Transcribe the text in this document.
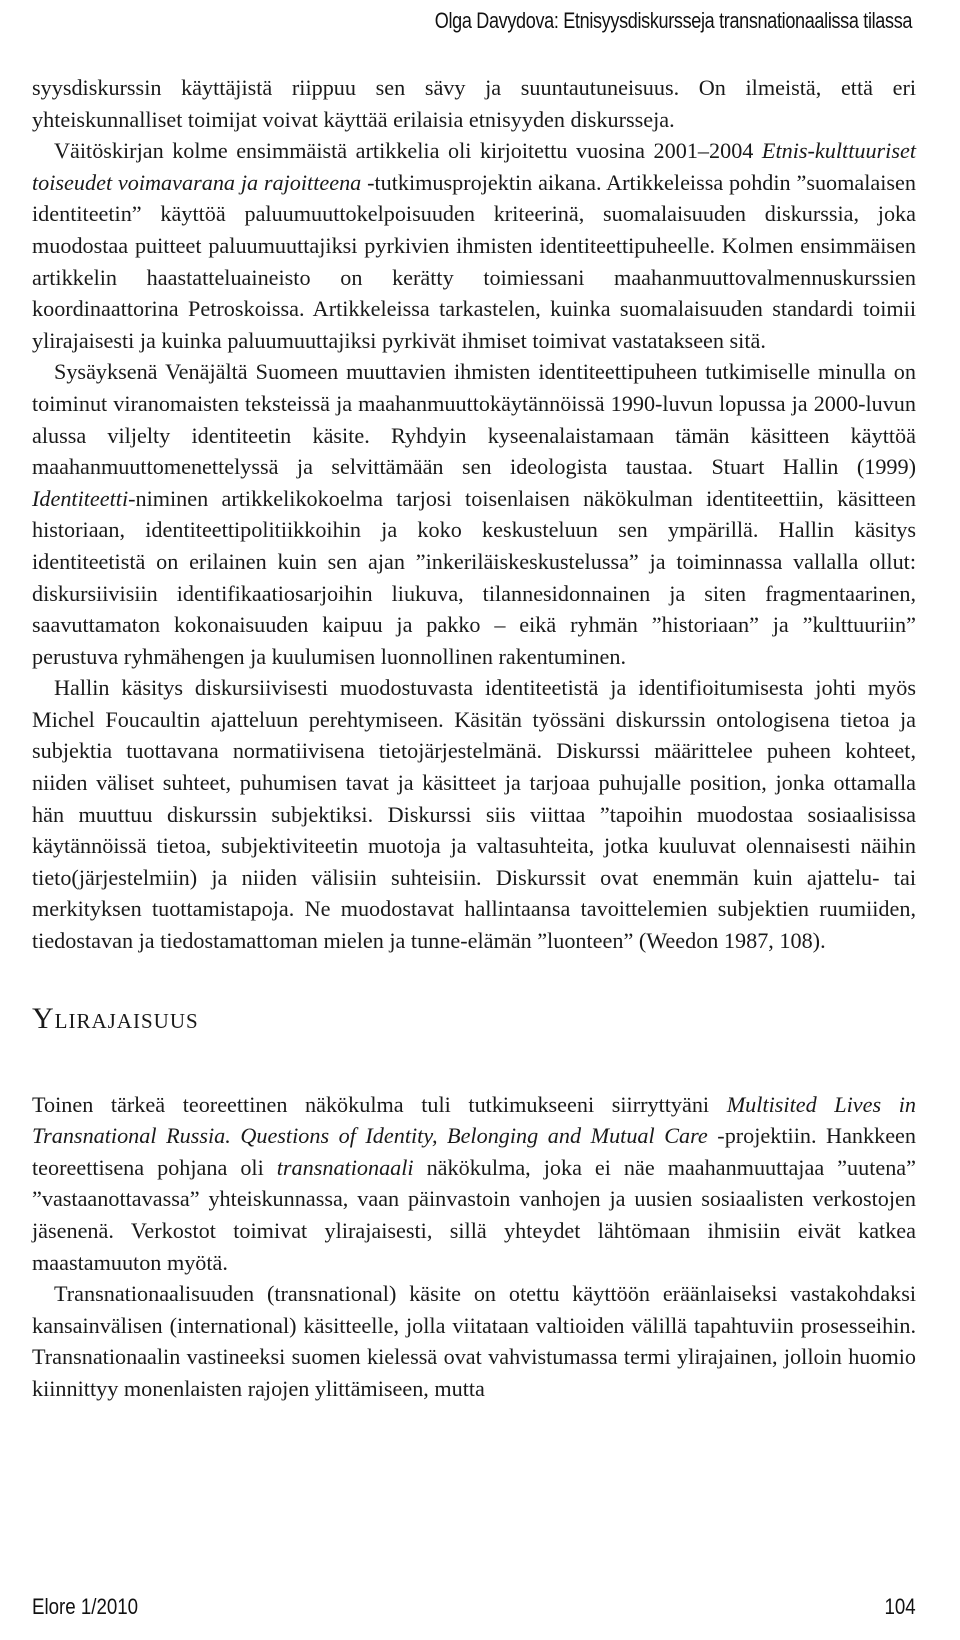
Olga Davydova: Etnisyysdiskursseja transnationaalissa tilassa

syysdiskurssin käyttäjistä riippuu sen sävy ja suuntautuneisuus. On ilmeistä, että eri yhteiskunnalliset toimijat voivat käyttää erilaisia etnisyyden diskursseja.

Väitöskirjan kolme ensimmäistä artikkelia oli kirjoitettu vuosina 2001–2004 Etnis-kulttuuriset toiseudet voimavarana ja rajoitteena -tutkimusprojektin aikana. Artikkeleissa pohdin ”suomalaisen identiteetin” käyttöä paluumuuttokelpoisuuden kriteerinä, suomalaisuuden diskurssia, joka muodostaa puitteet paluumuuttajiksi pyrkivien ihmisten identiteettipuheelle. Kolmen ensimmäisen artikkelin haastatteluaineisto on kerätty toimiessani maahanmuuttovalmennuskurssien koordinaattorina Petroskoissa. Artikkeleissa tarkastelen, kuinka suomalaisuuden standardi toimii ylirajaisesti ja kuinka paluumuuttajiksi pyrkivät ihmiset toimivat vastatakseen sitä.

Sysäyksenä Venäjältä Suomeen muuttavien ihmisten identiteettipuheen tutkimiselle minulla on toiminut viranomaisten teksteissä ja maahanmuuttokäytännöissä 1990-luvun lopussa ja 2000-luvun alussa viljelty identiteetin käsite. Ryhdyin kyseenalaistamaan tämän käsitteen käyttöä maahanmuuttomenettelyssä ja selvittämään sen ideologista taustaa. Stuart Hallin (1999) Identiteetti-niminen artikkelikokoelma tarjosi toisenlaisen näkökulman identiteettiin, käsitteen historiaan, identiteettipolitiikkoihin ja koko keskusteluun sen ympärillä. Hallin käsitys identiteetistä on erilainen kuin sen ajan ”inkeriläiskeskustelussa” ja toiminnassa vallalla ollut: diskursiivisiin identifikaatiosarjoihin liukuva, tilannesidonnainen ja siten fragmentaarinen, saavuttamaton kokonaisuuden kaipuu ja pakko – eikä ryhmän ”historiaan” ja ”kulttuuriin” perustuva ryhmähengen ja kuulumisen luonnollinen rakentuminen.

Hallin käsitys diskursiivisesti muodostuvasta identiteetistä ja identifioitumisesta johti myös Michel Foucaultin ajatteluun perehtymiseen. Käsitän työssäni diskurssin ontologisena tietoa ja subjektia tuottavana normatiivisena tietojärjestelmänä. Diskurssi määrittelee puheen kohteet, niiden väliset suhteet, puhumisen tavat ja käsitteet ja tarjoaa puhujalle position, jonka ottamalla hän muuttuu diskurssin subjektiksi. Diskurssi siis viittaa ”tapoihin muodostaa sosiaalisissa käytännöissä tietoa, subjektiviteetin muotoja ja valtasuhteita, jotka kuuluvat olennaisesti näihin tieto(järjestelmiin) ja niiden välisiin suhteisiin. Diskurssit ovat enemmän kuin ajattelu- tai merkityksen tuottamistapoja. Ne muodostavat hallintaansa tavoittelemien subjektien ruumiiden, tiedostavan ja tiedostamattoman mielen ja tunne-elämän ”luonteen” (Weedon 1987, 108).

Ylirajaisuus

Toinen tärkeä teoreettinen näkökulma tuli tutkimukseeni siirryttyäni Multisited Lives in Transnational Russia. Questions of Identity, Belonging and Mutual Care -projektiin. Hankkeen teoreettisena pohjana oli transnationaali näkökulma, joka ei näe maahanmuuttajaa ”uutena” ”vastaanottavassa” yhteiskunnassa, vaan päinvastoin vanhojen ja uusien sosiaalisten verkostojen jäsenenä. Verkostot toimivat ylirajaisesti, sillä yhteydet lähtömaan ihmisiin eivät katkea maastamuuton myötä.

Transnationaalisuuden (transnational) käsite on otettu käyttöön eräänlaiseksi vastakohdaksi kansainvälisen (international) käsitteelle, jolla viitataan valtioiden välillä tapahtuviin prosesseihin. Transnationaalin vastineeksi suomen kielessä ovat vahvistumassa termi ylirajainen, jolloin huomio kiinnittyy monenlaisten rajojen ylittämiseen, mutta

Elore 1/2010	104
